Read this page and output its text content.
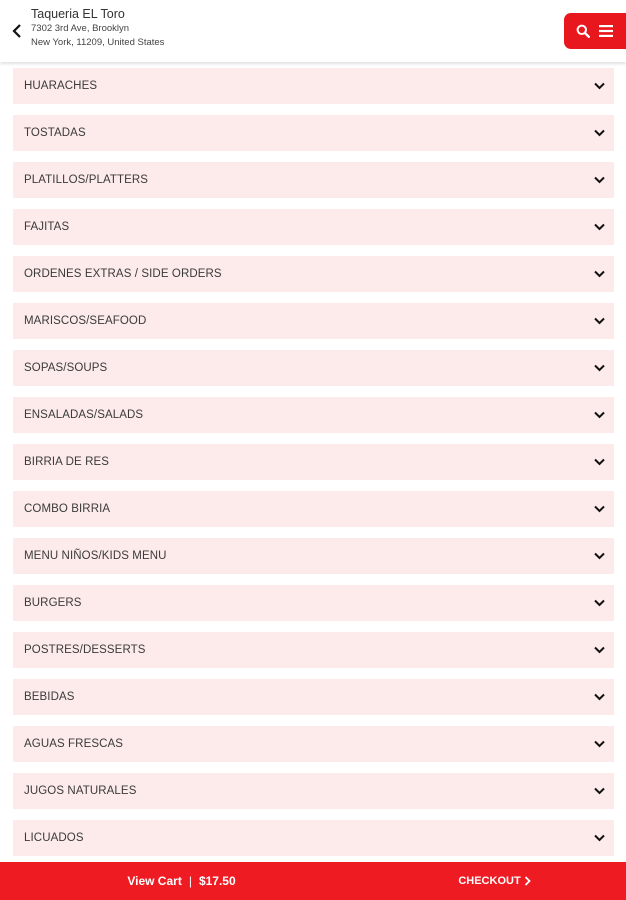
Taqueria EL Toro
7302 3rd Ave, Brooklyn
New York, 11209, United States
HUARACHES
TOSTADAS
PLATILLOS/PLATTERS
FAJITAS
ORDENES EXTRAS / SIDE ORDERS
MARISCOS/SEAFOOD
SOPAS/SOUPS
ENSALADAS/SALADS
BIRRIA DE RES
COMBO BIRRIA
MENU NIÑOS/KIDS MENU
BURGERS
POSTRES/DESSERTS
BEBIDAS
AGUAS FRESCAS
JUGOS NATURALES
LICUADOS
View Cart | $17.50	CHECKOUT
